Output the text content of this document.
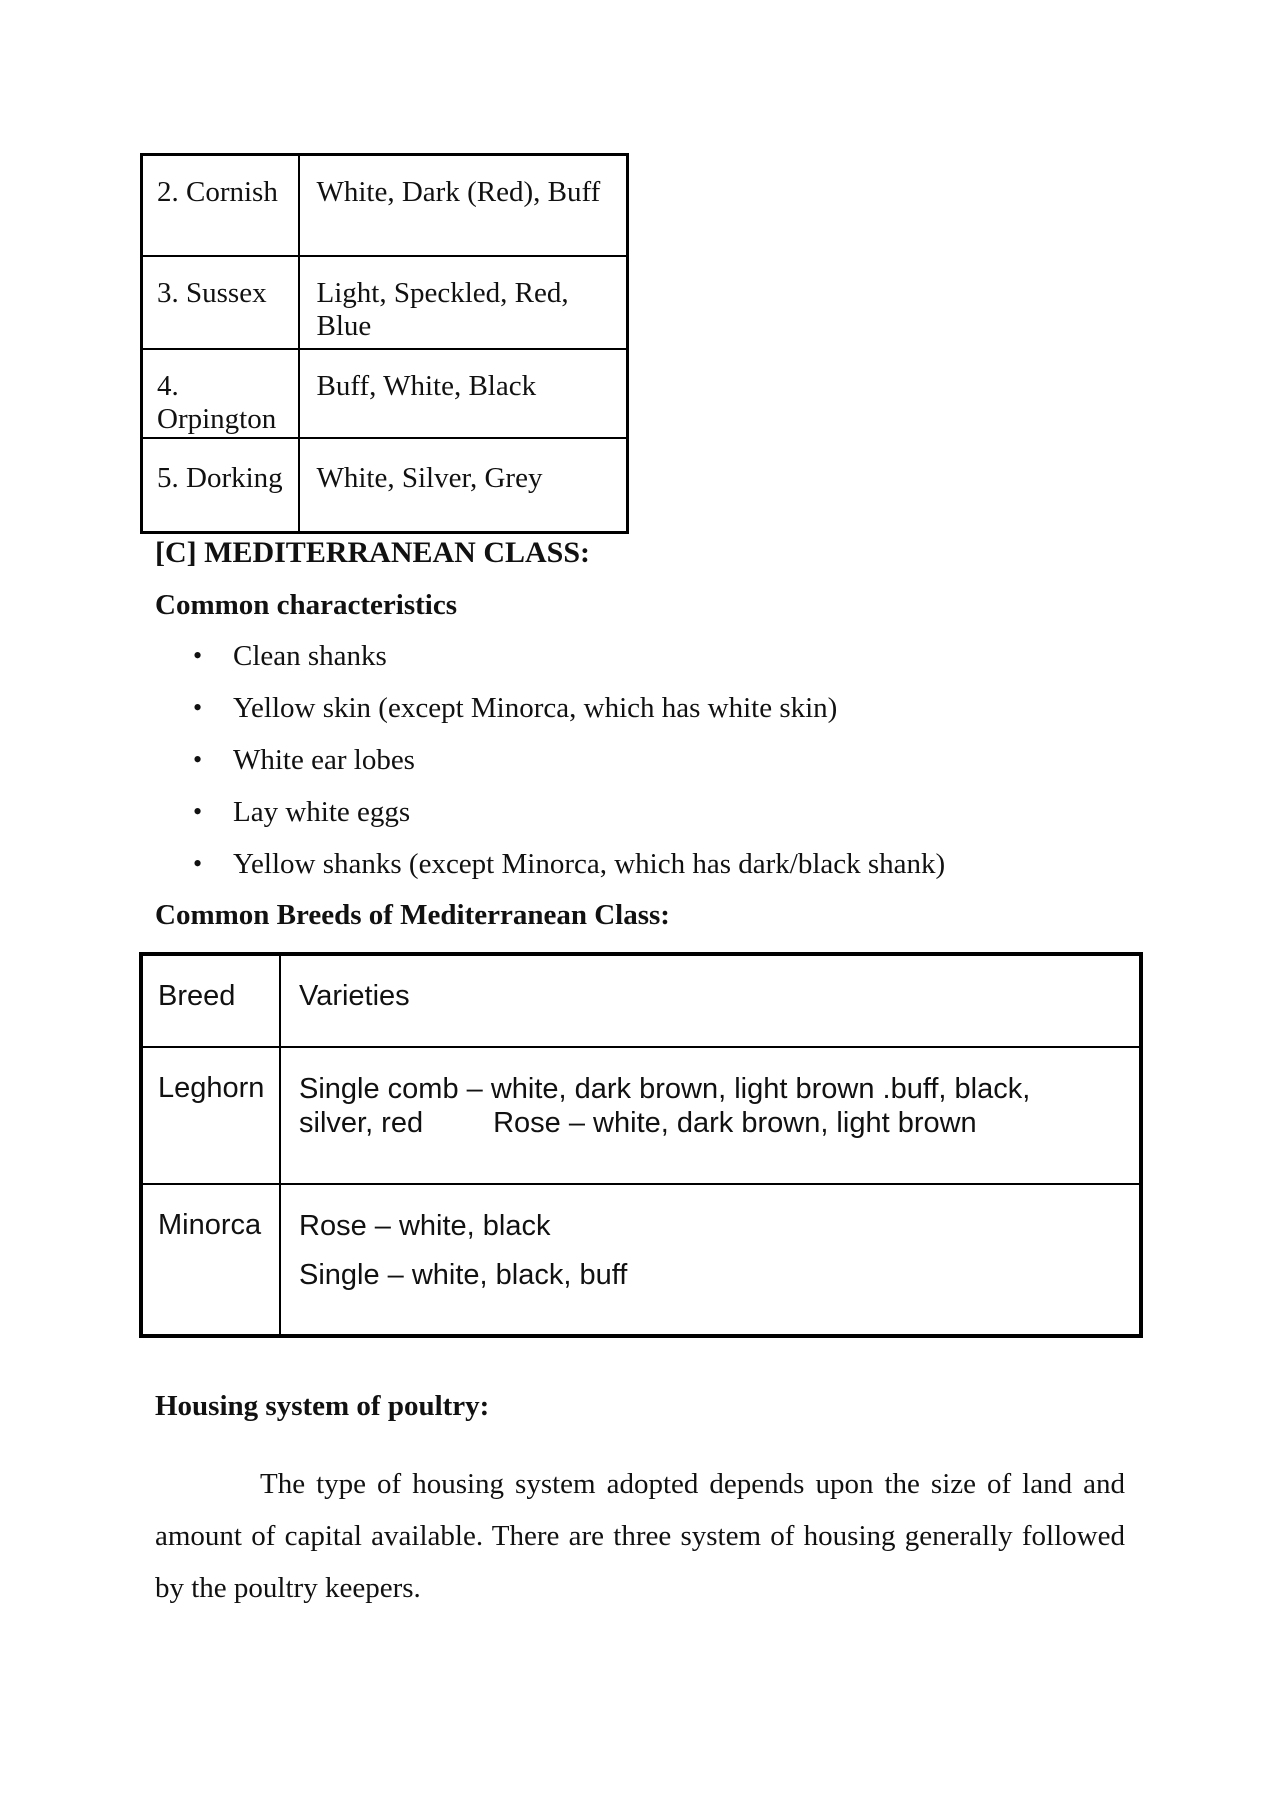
2. Cornish	White, Dark (Red), Buff
3. Sussex	Light, Speckled, Red, Blue
4. Orpington	Buff, White, Black
5. Dorking	White, Silver, Grey
[C] MEDITERRANEAN CLASS:
Common characteristics
• Clean shanks
• Yellow skin (except Minorca, which has white skin)
• White ear lobes
• Lay white eggs
• Yellow shanks (except Minorca, which has dark/black shank)
Common Breeds of Mediterranean Class:
Breed	Varieties
Leghorn	Single comb – white, dark brown, light brown .buff, black,
silver, red Rose – white, dark brown, light brown

Minorca	Rose – white, black
Single – white, black, buff
Housing system of poultry:
The type of housing system adopted depends upon the size of land and amount of capital available. There are three system of housing generally followed by the poultry keepers.
